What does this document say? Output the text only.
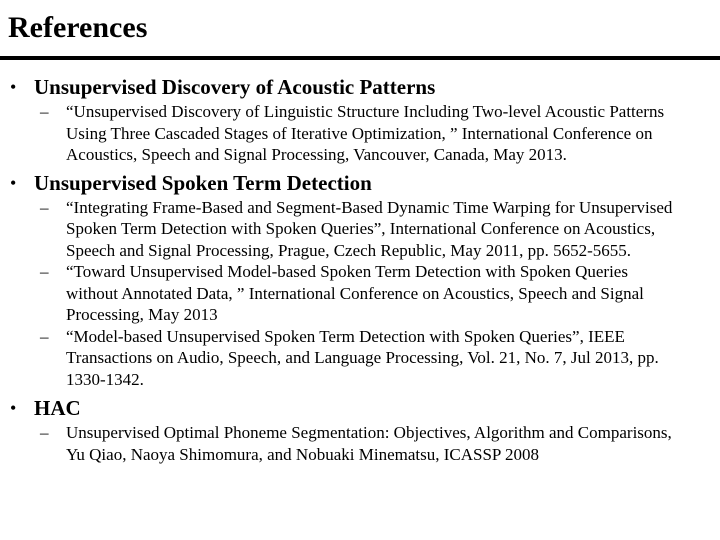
References
• Unsupervised Discovery of Acoustic Patterns
– “Unsupervised Discovery of Linguistic Structure Including Two-level Acoustic Patterns Using Three Cascaded Stages of Iterative Optimization, ” International Conference on Acoustics, Speech and Signal Processing, Vancouver, Canada, May 2013.
• Unsupervised Spoken Term Detection
– “Integrating Frame-Based and Segment-Based Dynamic Time Warping for Unsupervised Spoken Term Detection with Spoken Queries”, International Conference on Acoustics, Speech and Signal Processing, Prague, Czech Republic, May 2011, pp. 5652-5655.
– “Toward Unsupervised Model-based Spoken Term Detection with Spoken Queries without Annotated Data, ” International Conference on Acoustics, Speech and Signal Processing, May 2013
– “Model-based Unsupervised Spoken Term Detection with Spoken Queries”, IEEE Transactions on Audio, Speech, and Language Processing, Vol. 21, No. 7, Jul 2013, pp. 1330-1342.
• HAC
– Unsupervised Optimal Phoneme Segmentation: Objectives, Algorithm and Comparisons, Yu Qiao, Naoya Shimomura, and Nobuaki Minematsu, ICASSP 2008
